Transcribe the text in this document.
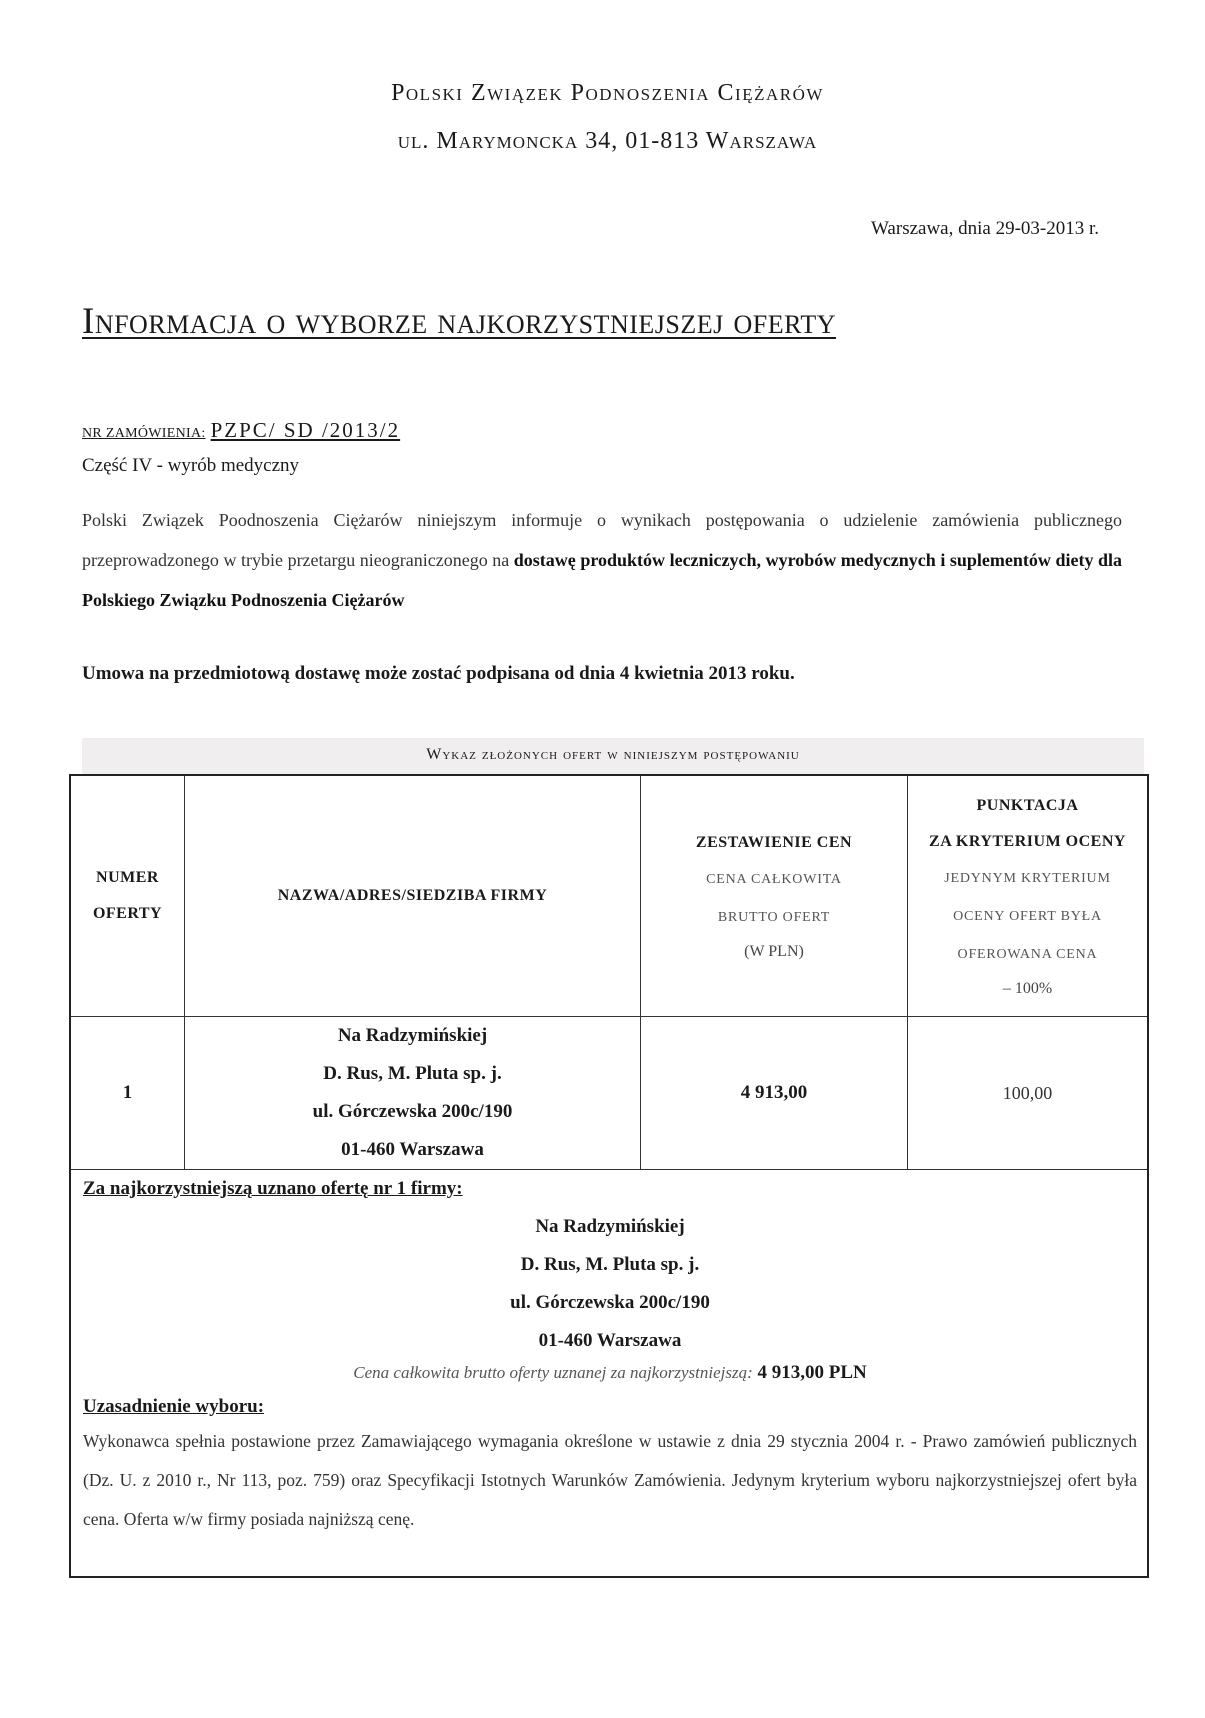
Polski Związek Podnoszenia Ciężarów
ul. Marymoncka 34, 01-813 Warszawa
Warszawa, dnia 29-03-2013 r.
Informacja o wyborze najkorzystniejszej oferty
NR ZAMÓWIENIA: PZPC/ SD /2013/2
Część IV - wyrób medyczny
Polski Związek Poodnoszenia Ciężarów niniejszym informuje o wynikach postępowania o udzielenie zamówienia publicznego przeprowadzonego w trybie przetargu nieograniczonego na dostawę produktów leczniczych, wyrobów medycznych i suplementów diety dla Polskiego Związku Podnoszenia Ciężarów
Umowa na przedmiotową dostawę może zostać podpisana od dnia 4 kwietnia 2013 roku.
Wykaz złożonych ofert w niniejszym postępowaniu
NUMER
OFERTY
NAZWA/ADRES/SIEDZIBA FIRMY
ZESTAWIENIE CEN
CENA CAŁKOWITA
BRUTTO OFERT
(W PLN)
PUNKTACJA
ZA KRYTERIUM OCENY
JEDYNYM KRYTERIUM
OCENY OFERT BYŁA
OFEROWANA CENA
– 100%
1
Na Radzymińskiej
D. Rus, M. Pluta sp. j.
ul. Górczewska 200c/190
01-460 Warszawa
4 913,00	100,00
Za najkorzystniejszą uznano ofertę nr 1 firmy:
Na Radzymińskiej
D. Rus, M. Pluta sp. j.
ul. Górczewska 200c/190
01-460 Warszawa
Cena całkowita brutto oferty uznanej za najkorzystniejszą: 4 913,00 PLN
Uzasadnienie wyboru:
Wykonawca spełnia postawione przez Zamawiającego wymagania określone w ustawie z dnia 29 stycznia 2004 r. - Prawo zamówień publicznych (Dz. U. z 2010 r., Nr 113, poz. 759) oraz Specyfikacji Istotnych Warunków Zamówienia. Jedynym kryterium wyboru najkorzystniejszej ofert była cena. Oferta w/w firmy posiada najniższą cenę.
